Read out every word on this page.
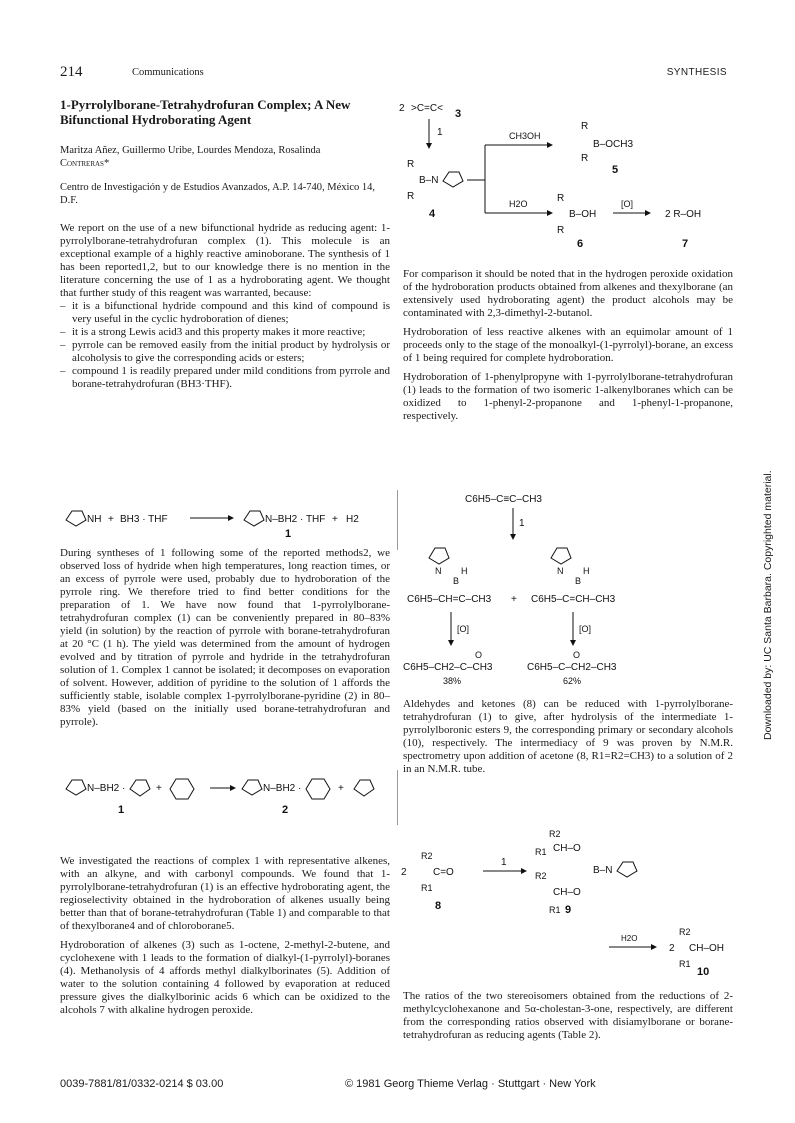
214	Communications	SYNTHESIS
1-Pyrrolylborane-Tetrahydrofuran Complex; A New Bifunctional Hydroborating Agent
Maritza Añez, Guillermo Uribe, Lourdes Mendoza, Rosalinda
Contreras*
Centro de Investigación y de Estudios Avanzados, A.P. 14-740, México 14, D.F.

We report on the use of a new bifunctional hydride as reducing agent: 1-pyrrolylborane-tetrahydrofuran complex (1). This molecule is an exceptional example of a highly reactive aminoborane. The synthesis of 1 has been reported1,2, but to our knowledge there is no mention in the literature concerning the use of 1 as a hydroborating agent. We thought that further study of this reagent was warranted, because:

– it is a bifunctional hydride compound and this kind of compound is very useful in the cyclic hydroboration of dienes;
– it is a strong Lewis acid3 and this property makes it more reactive;
– pyrrole can be removed easily from the initial product by hydrolysis or alcoholysis to give the corresponding acids or esters;
– compound 1 is readily prepared under mild conditions from pyrrole and borane-tetrahydrofuran (BH3·THF).
NH + BH3 · THF	N–BH2 · THF + H2
1

During syntheses of 1 following some of the reported methods2, we observed loss of hydride when high temperatures, long reaction times, or an excess of pyrrole were used, probably due to hydroboration of the pyrrole ring. We therefore tried to find better conditions for the preparation of 1. We have now found that 1-pyrrolylborane-tetrahydrofuran complex (1) can be conveniently prepared in 80–83% yield (in solution) by the reaction of pyrrole with borane-tetrahydrofuran at 20 °C (1 h). The yield was determined from the amount of hydrogen evolved and by titration of pyrrole and hydride in the tetrahydrofuran solution of 1. Complex 1 cannot be isolated; it decomposes on evaporation of solvent. However, addition of pyridine to the solution of 1 affords the sufficiently stable, isolable complex 1-pyrrolylborane-pyridine (2) in 80–83% yield (based on the initially used borane-tetrahydrofuran and pyrrole).

N–BH2 ·	+	N–BH2 ·	+
1	2

We investigated the reactions of complex 1 with representative alkenes, with an alkyne, and with carbonyl compounds. We found that 1-pyrrolylborane-tetrahydrofuran (1) is an effective hydroborating agent, the regioselectivity obtained in the hydroboration of alkenes usually being better than that of borane-tetrahydrofuran (Table 1) and comparable to that of thexylborane4 and of chloroborane5.

Hydroboration of alkenes (3) such as 1-octene, 2-methyl-2-butene, and cyclohexene with 1 leads to the formation of dialkyl-(1-pyrrolyl)-boranes (4). Methanolysis of 4 affords methyl dialkylborinates (5). Addition of water to the solution containing 4 followed by evaporation at reduced pressure gives the dialkylborinic acids 6 which can be oxidized to the alcohols 7 with alkaline hydrogen peroxide.

2 >C=C< 3
1
R
B–N
R
4
CH3OH
R
B–OCH3
R
5
H2O	R
B–OH
R
6
[O]
2 R–OH
7

For comparison it should be noted that in the hydrogen peroxide oxidation of the hydroboration products obtained from alkenes and thexylborane (an extensively used hydroborating agent) the product alcohols may be contaminated with 2,3-dimethyl-2-butanol.

Hydroboration of less reactive alkenes with an equimolar amount of 1 proceeds only to the stage of the monoalkyl-(1-pyrrolyl)-borane, an excess of 1 being required for complete hydroboration.

Hydroboration of 1-phenylpropyne with 1-pyrrolylborane-tetrahydrofuran (1) leads to the formation of two isomeric 1-alkenylboranes which can be oxidized to 1-phenyl-2-propanone and 1-phenyl-1-propanone, respectively.

C6H5–C≡C–CH3
1
N
B
H
C6H5–CH=C–CH3 +
N
B
H
C6H5–C=CH–CH3
[O]	[O]
O
C6H5–CH2–C–CH3
O
C6H5–C–CH2–CH3
38%	62%

Aldehydes and ketones (8) can be reduced with 1-pyrrolylborane-tetrahydrofuran (1) to give, after hydrolysis of the intermediate 1-pyrrolylboronic esters 9, the corresponding primary or secondary alcohols (10), respectively. The intermediacy of 9 was proven by N.M.R. spectrometry upon addition of acetone (8, R1=R2=CH3) to a solution of 2 in an N.M.R. tube.

2
R2
C=O
R1
8
1
R2
R1 CH–O
B–N
R2
CH–O
R1 9
H2O
2
R2
CH–OH
R1
10

The ratios of the two stereoisomers obtained from the reductions of 2-methylcyclohexanone and 5α-cholestan-3-one, respectively, are different from the corresponding ratios observed with disiamylborane or borane-tetrahydrofuran as reducing agents (Table 2).

0039-7881/81/0332-0214 $ 03.00	© 1981 Georg Thieme Verlag · Stuttgart · New York
Downloaded by: UC Santa Barbara. Copyrighted material.
